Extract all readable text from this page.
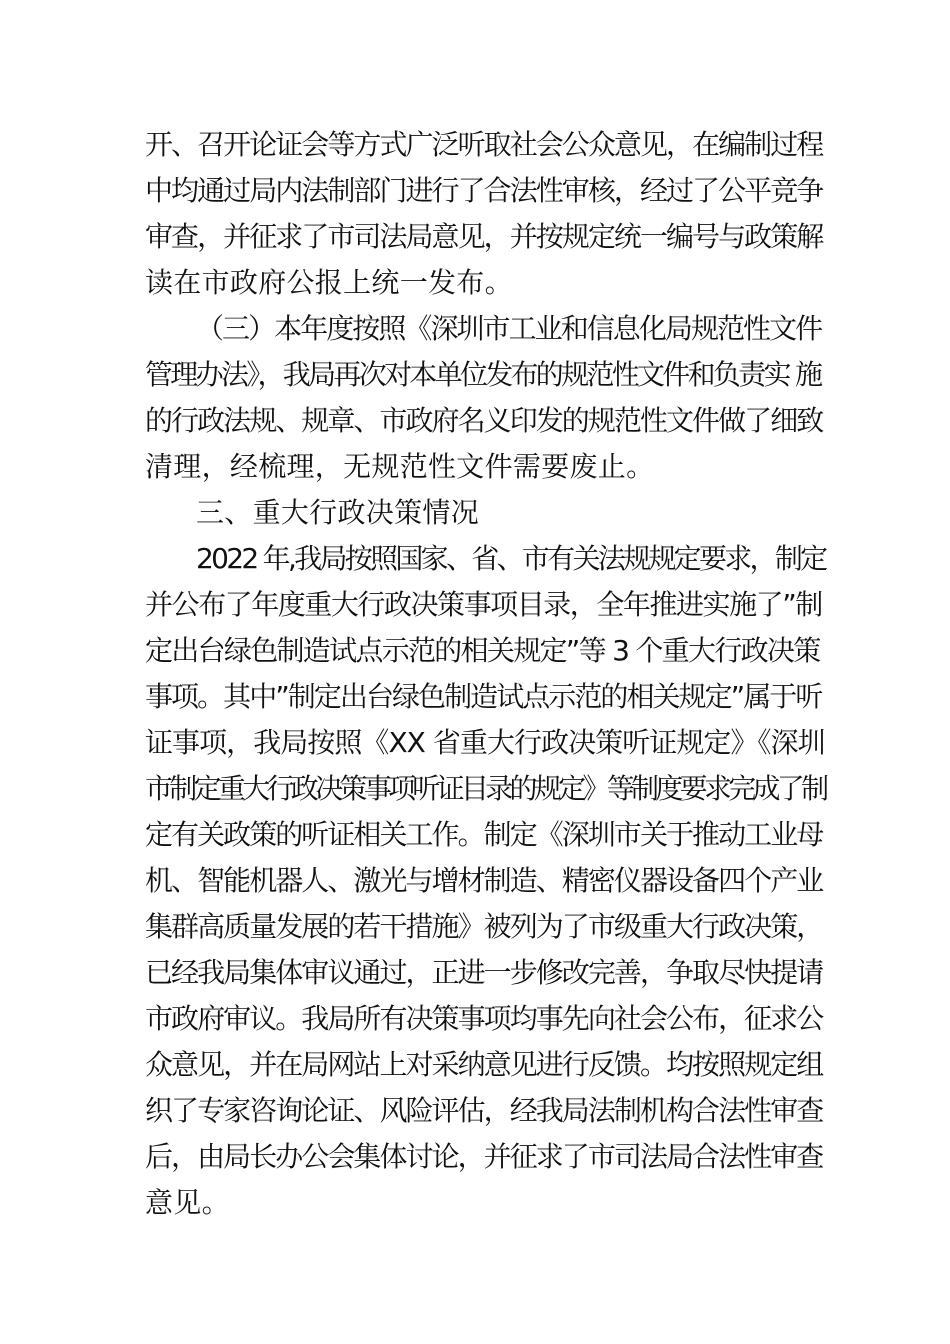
开、召开论证会等方式广泛听取社会公众意见，在编制过程
中均通过局内法制部门进行了合法性审核，经过了公平竞争
审查，并征求了市司法局意见，并按规定统一编号与政策解
读在市政府公报上统一发布。
（三）本年度按照《深圳市工业和信息化局规范性文件
管理办法》，我局再次对本单位发布的规范性文件和负责实 施
的行政法规、规章、市政府名义印发的规范性文件做了细致
清理，经梳理，无规范性文件需要废止。
三、重大行政决策情况
2022 年,我局按照国家、省、市有关法规规定要求，制定
并公布了年度重大行政决策事项目录，全年推进实施了”制
定出台绿色制造试点示范的相关规定”等 3 个重大行政决策
事项。其中”制定出台绿色制造试点示范的相关规定”属于听
证事项，我局按照《XX 省重大行政决策听证规定》《深圳
市制定重大行政决策事项听证目录的规定》等制度要求完成了制
定有关政策的听证相关工作。制定《深圳市关于推动工业母
机、智能机器人、激光与增材制造、精密仪器设备四个产业
集群高质量发展的若干措施》被列为了市级重大行政决策，
已经我局集体审议通过，正进一步修改完善，争取尽快提请
市政府审议。我局所有决策事项均事先向社会公布，征求公
众意见，并在局网站上对采纳意见进行反馈。均按照规定组
织了专家咨询论证、风险评估，经我局法制机构合法性审查
后，由局长办公会集体讨论，并征求了市司法局合法性审查
意见。
